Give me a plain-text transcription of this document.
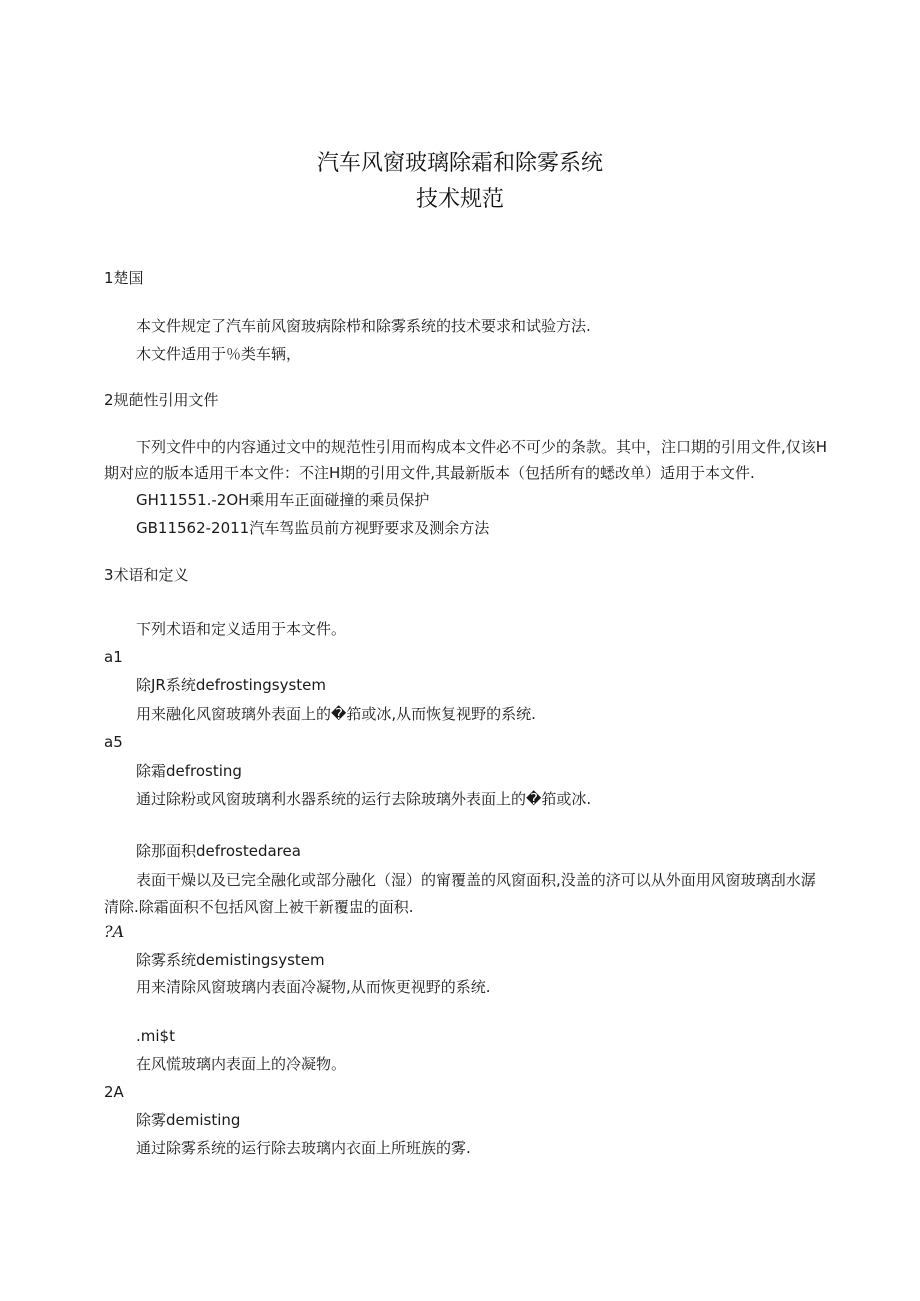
汽车风窗玻璃除霜和除雾系统
技术规范
1楚国
本文件规定了汽车前风窗玻病除栉和除雾系统的技术要求和试验方法.
木文件适用于％类车辆，
2规葩性引用文件
下列文件中的内容通过文中的规范性引用而构成本文件必不可少的条款。其中，注口期的引用文件,仅该H
期对应的版本适用干本文件：不注H期的引用文件,其最新版本（包括所有的蟋改单）适用于本文件.
GH11551.-2OH乘用车正面碰撞的乘员保护
GB11562-2011汽车驾监员前方视野要求及测余方法
3术语和定义
下列术语和定义适用于本文件。
a1
除JR系统defrostingsystem
用来融化风窗玻璃外表面上的�筘或冰,从而恢复视野的系统.
a5
除霜defrosting
通过除粉或风窗玻璃利水器系统的运行去除玻璃外表面上的�筘或冰.
除那面积defrostedarea
表面干燥以及已完全融化或部分融化（湿）的甯覆盖的风窗面积,没盖的济可以从外面用风窗玻璃刮水潺
清除.除霜面积不包括风窗上被干新覆盅的面积.
?A
除雾系统demistingsystem
用来清除风窗玻璃内表面冷凝物,从而恢更视野的系统.
.mi$t
在风慌玻璃内表面上的冷凝物。
2A
除雾demisting
通过除雾系统的运行除去玻璃内衣面上所班族的雾.
